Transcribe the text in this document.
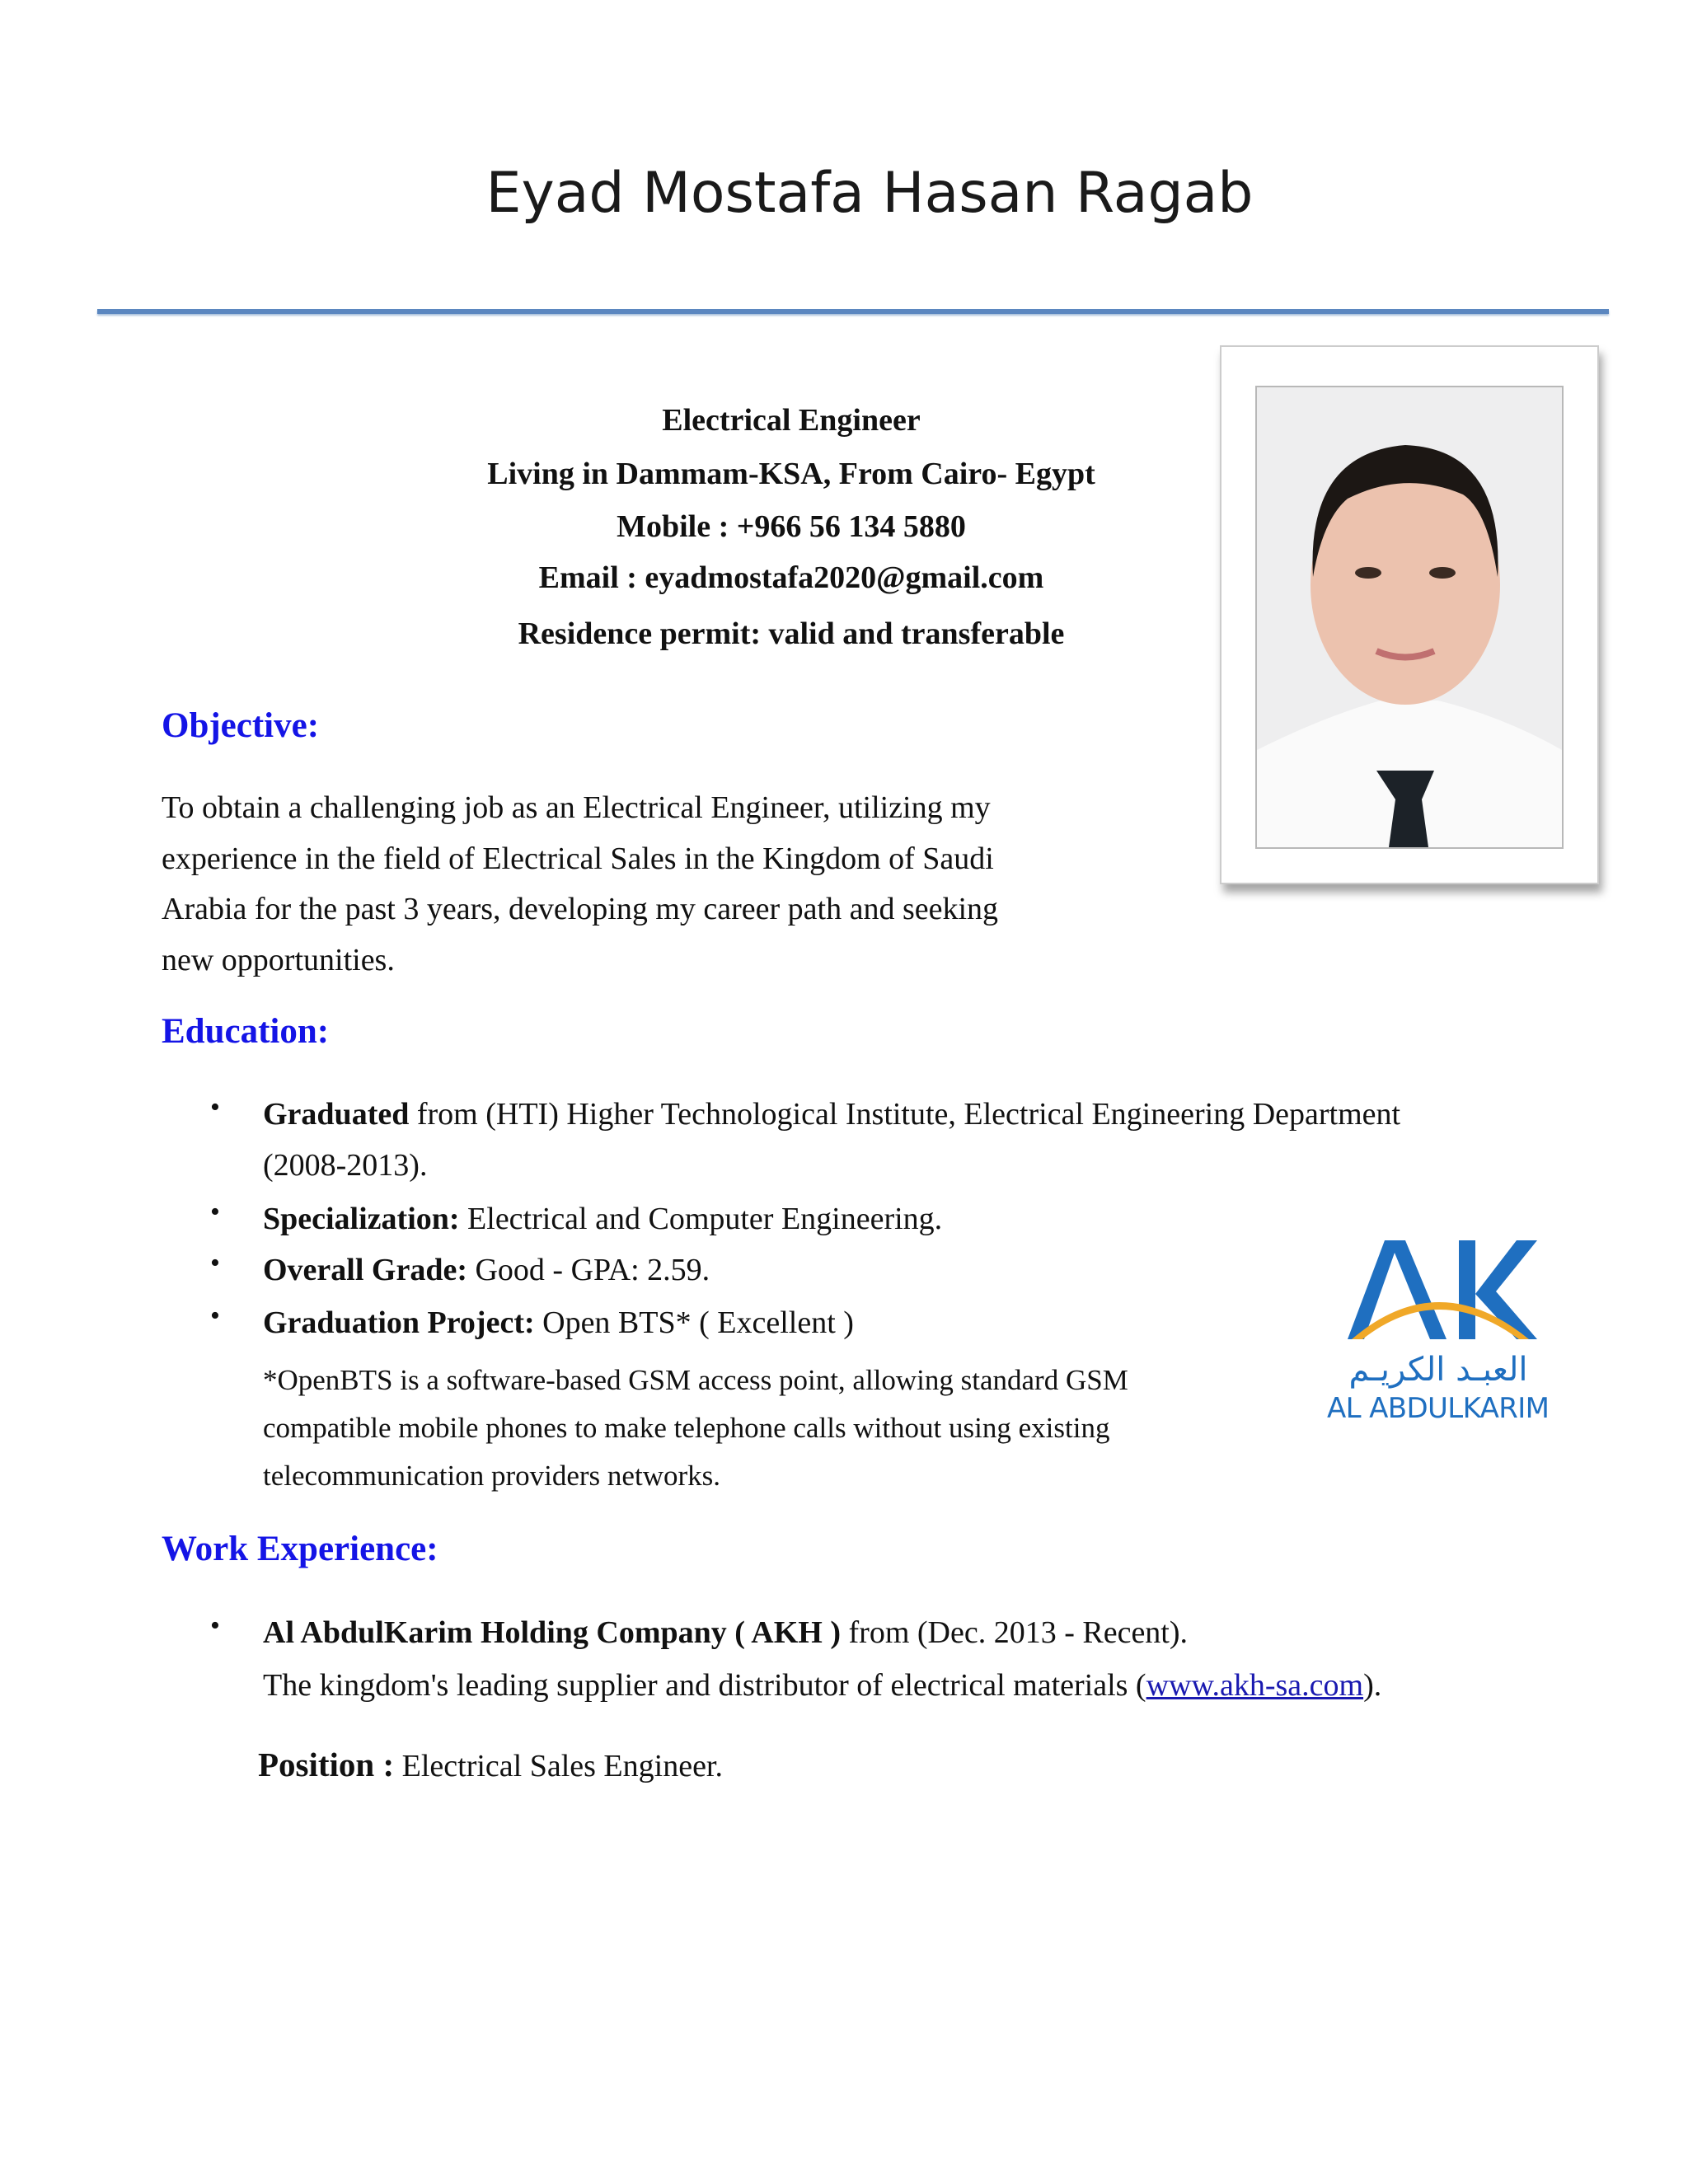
Eyad Mostafa Hasan Ragab
Electrical Engineer
Living in Dammam-KSA, From Cairo- Egypt
Mobile : +966 56 134 5880
Email : eyadmostafa2020@gmail.com
Residence permit: valid and transferable
Objective:
To obtain a challenging job as an Electrical Engineer, utilizing my
experience in the field of Electrical Sales in the Kingdom of Saudi
Arabia for the past 3 years, developing my career path and seeking
new opportunities.
Education:
• Graduated from (HTI) Higher Technological Institute, Electrical Engineering Department
(2008-2013).
• Specialization: Electrical and Computer Engineering.
• Overall Grade: Good - GPA: 2.59.
• Graduation Project: Open BTS* ( Excellent )
*OpenBTS is a software-based GSM access point, allowing standard GSM
compatible mobile phones to make telephone calls without using existing
telecommunication providers networks.
العبـد الكريـم
AL ABDULKARIM
Work Experience:
• Al AbdulKarim Holding Company ( AKH ) from (Dec. 2013 - Recent).
The kingdom's leading supplier and distributor of electrical materials (www.akh-sa.com).
Position : Electrical Sales Engineer.
